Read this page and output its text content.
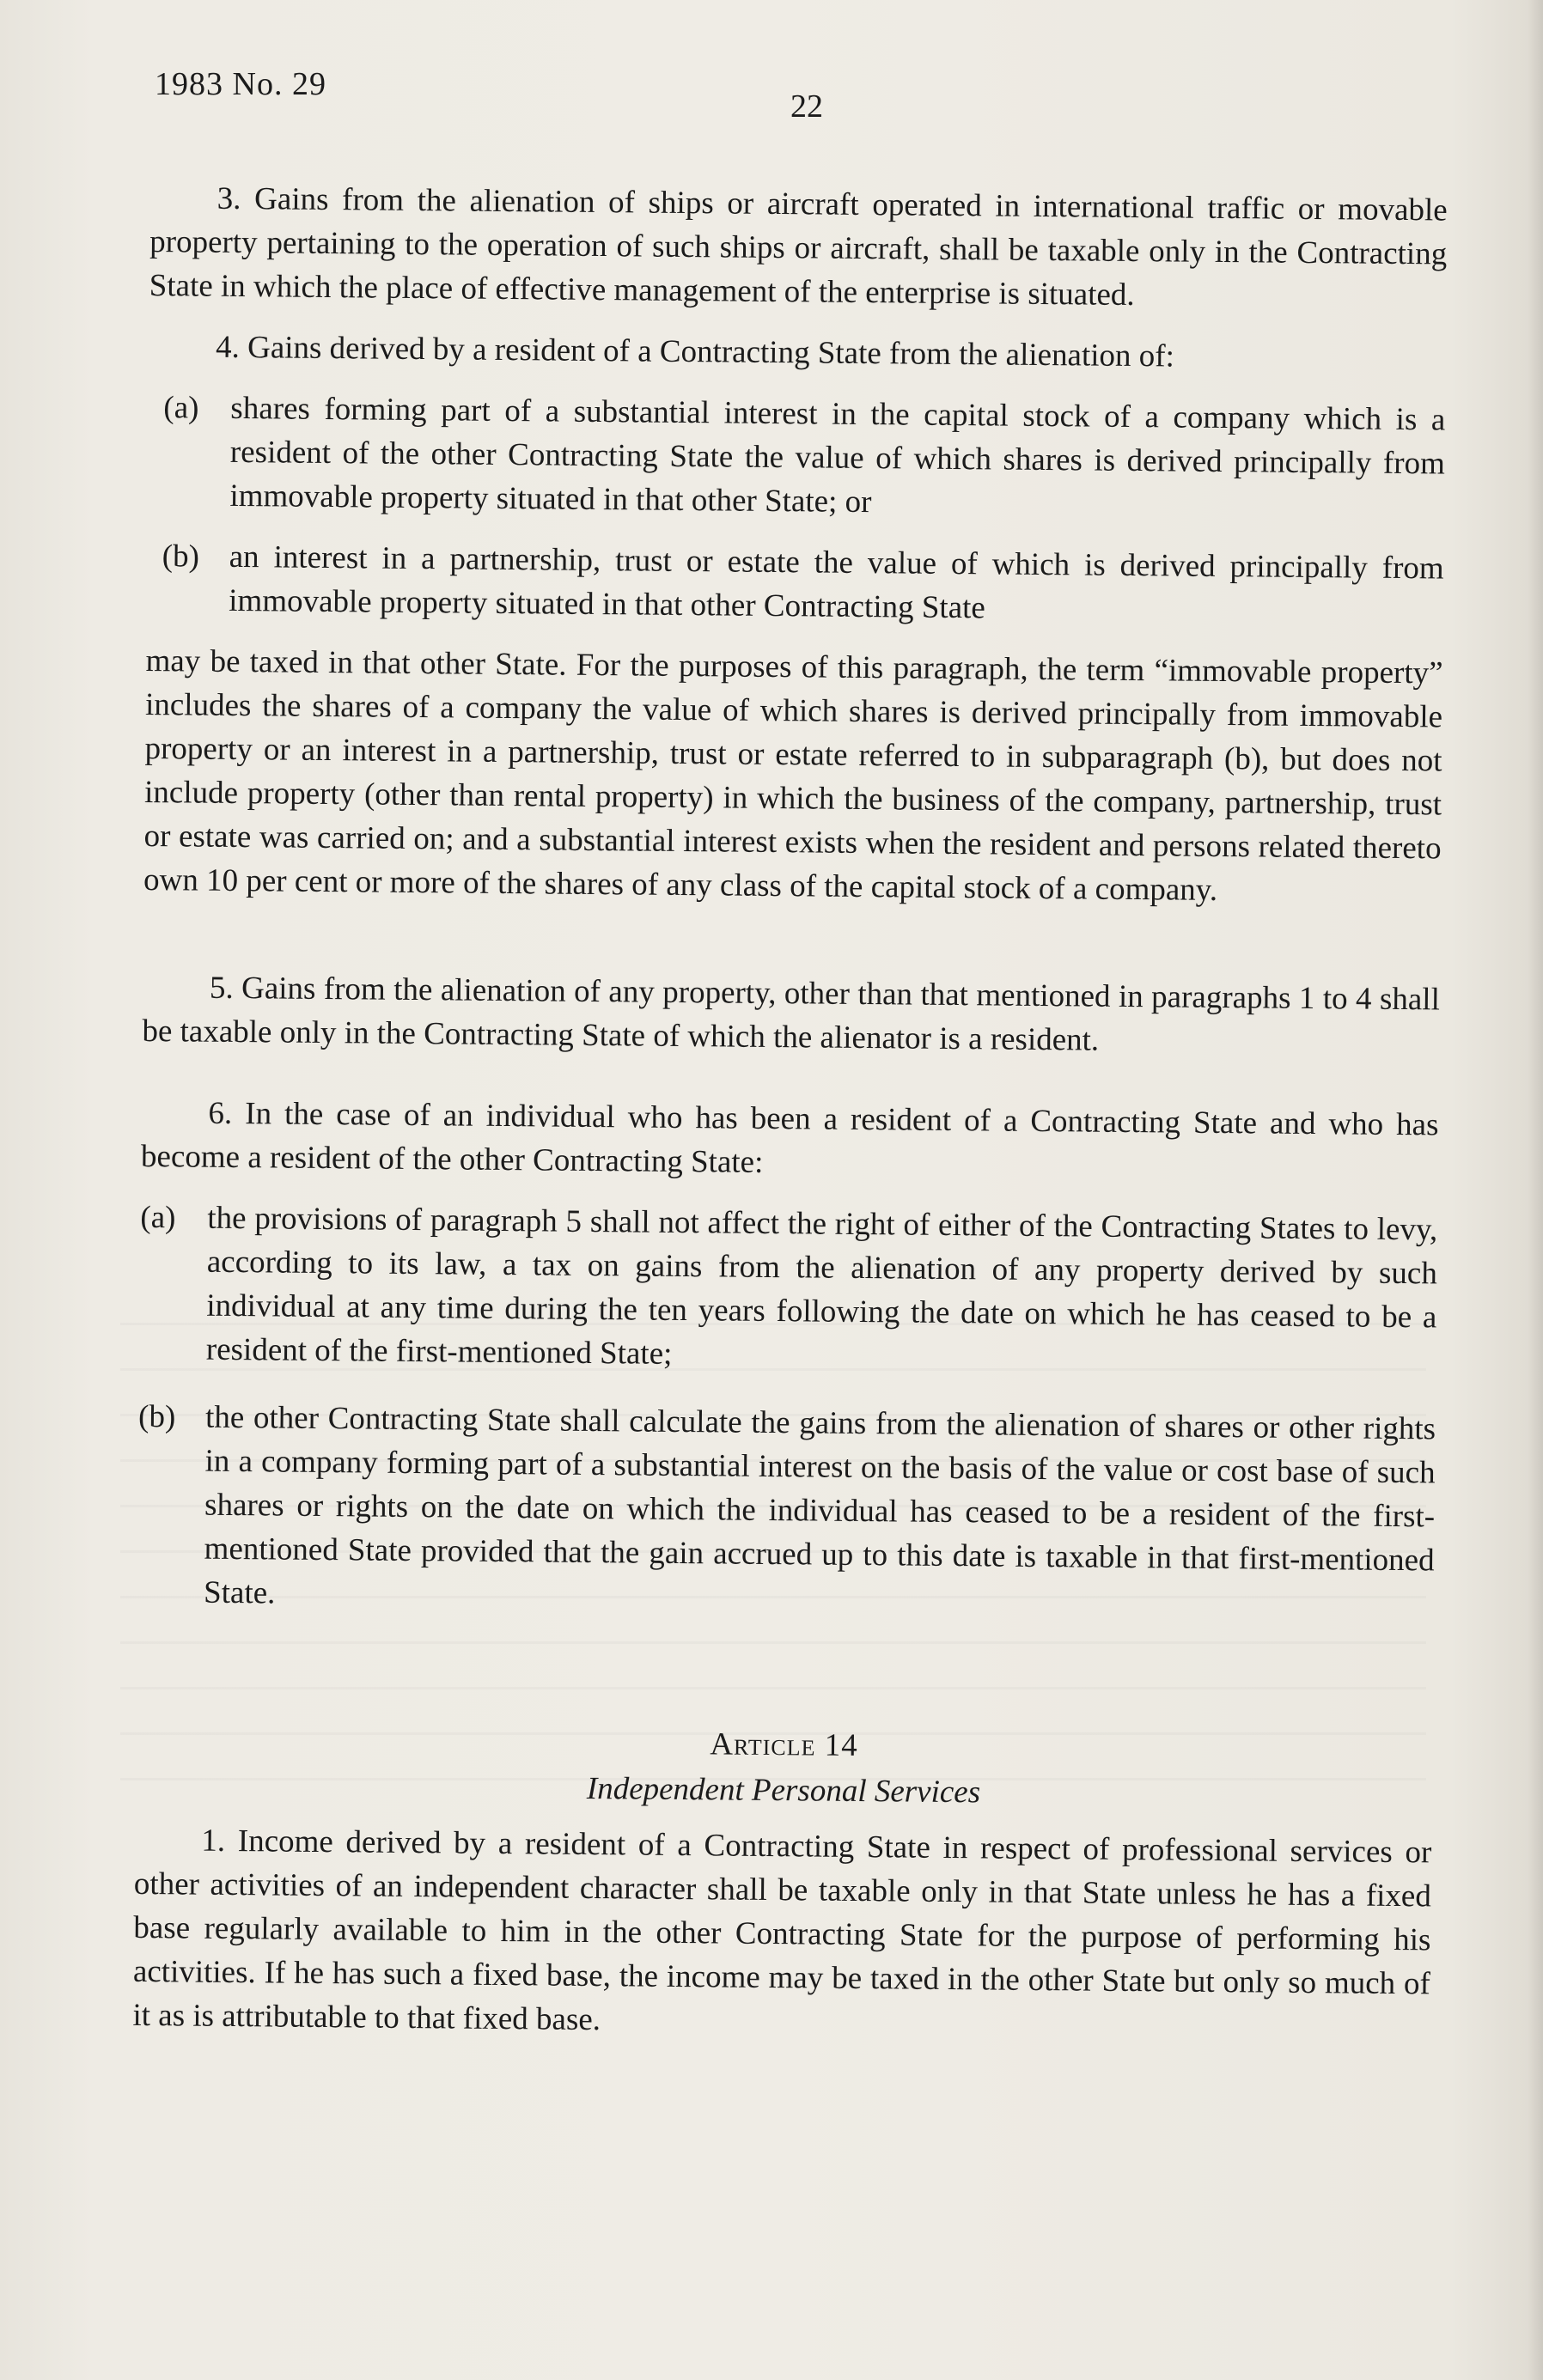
1983 No. 29
22

3. Gains from the alienation of ships or aircraft operated in international traffic or movable property pertaining to the operation of such ships or aircraft, shall be taxable only in the Contracting State in which the place of effective management of the enterprise is situated.

4. Gains derived by a resident of a Contracting State from the alienation of:

(a) shares forming part of a substantial interest in the capital stock of a company which is a resident of the other Contracting State the value of which shares is derived principally from immovable property situated in that other State; or
(b) an interest in a partnership, trust or estate the value of which is derived principally from immovable property situated in that other Contracting State

may be taxed in that other State. For the purposes of this paragraph, the term “immovable property” includes the shares of a company the value of which shares is derived principally from immovable property or an interest in a partnership, trust or estate referred to in subparagraph (b), but does not include property (other than rental property) in which the business of the company, partnership, trust or estate was carried on; and a substantial interest exists when the resident and persons related thereto own 10 per cent or more of the shares of any class of the capital stock of a company.

5. Gains from the alienation of any property, other than that mentioned in paragraphs 1 to 4 shall be taxable only in the Contracting State of which the alienator is a resident.

6. In the case of an individual who has been a resident of a Contracting State and who has become a resident of the other Contracting State:

(a) the provisions of paragraph 5 shall not affect the right of either of the Contracting States to levy, according to its law, a tax on gains from the alienation of any property derived by such individual at any time during the ten years following the date on which he has ceased to be a resident of the first-mentioned State;
(b) the other Contracting State shall calculate the gains from the alienation of shares or other rights in a company forming part of a substantial interest on the basis of the value or cost base of such shares or rights on the date on which the individual has ceased to be a resident of the first-mentioned State provided that the gain accrued up to this date is taxable in that first-mentioned State.
Article 14
Independent Personal Services

1. Income derived by a resident of a Contracting State in respect of professional services or other activities of an independent character shall be taxable only in that State unless he has a fixed base regularly available to him in the other Contracting State for the purpose of performing his activities. If he has such a fixed base, the income may be taxed in the other State but only so much of it as is attributable to that fixed base.
